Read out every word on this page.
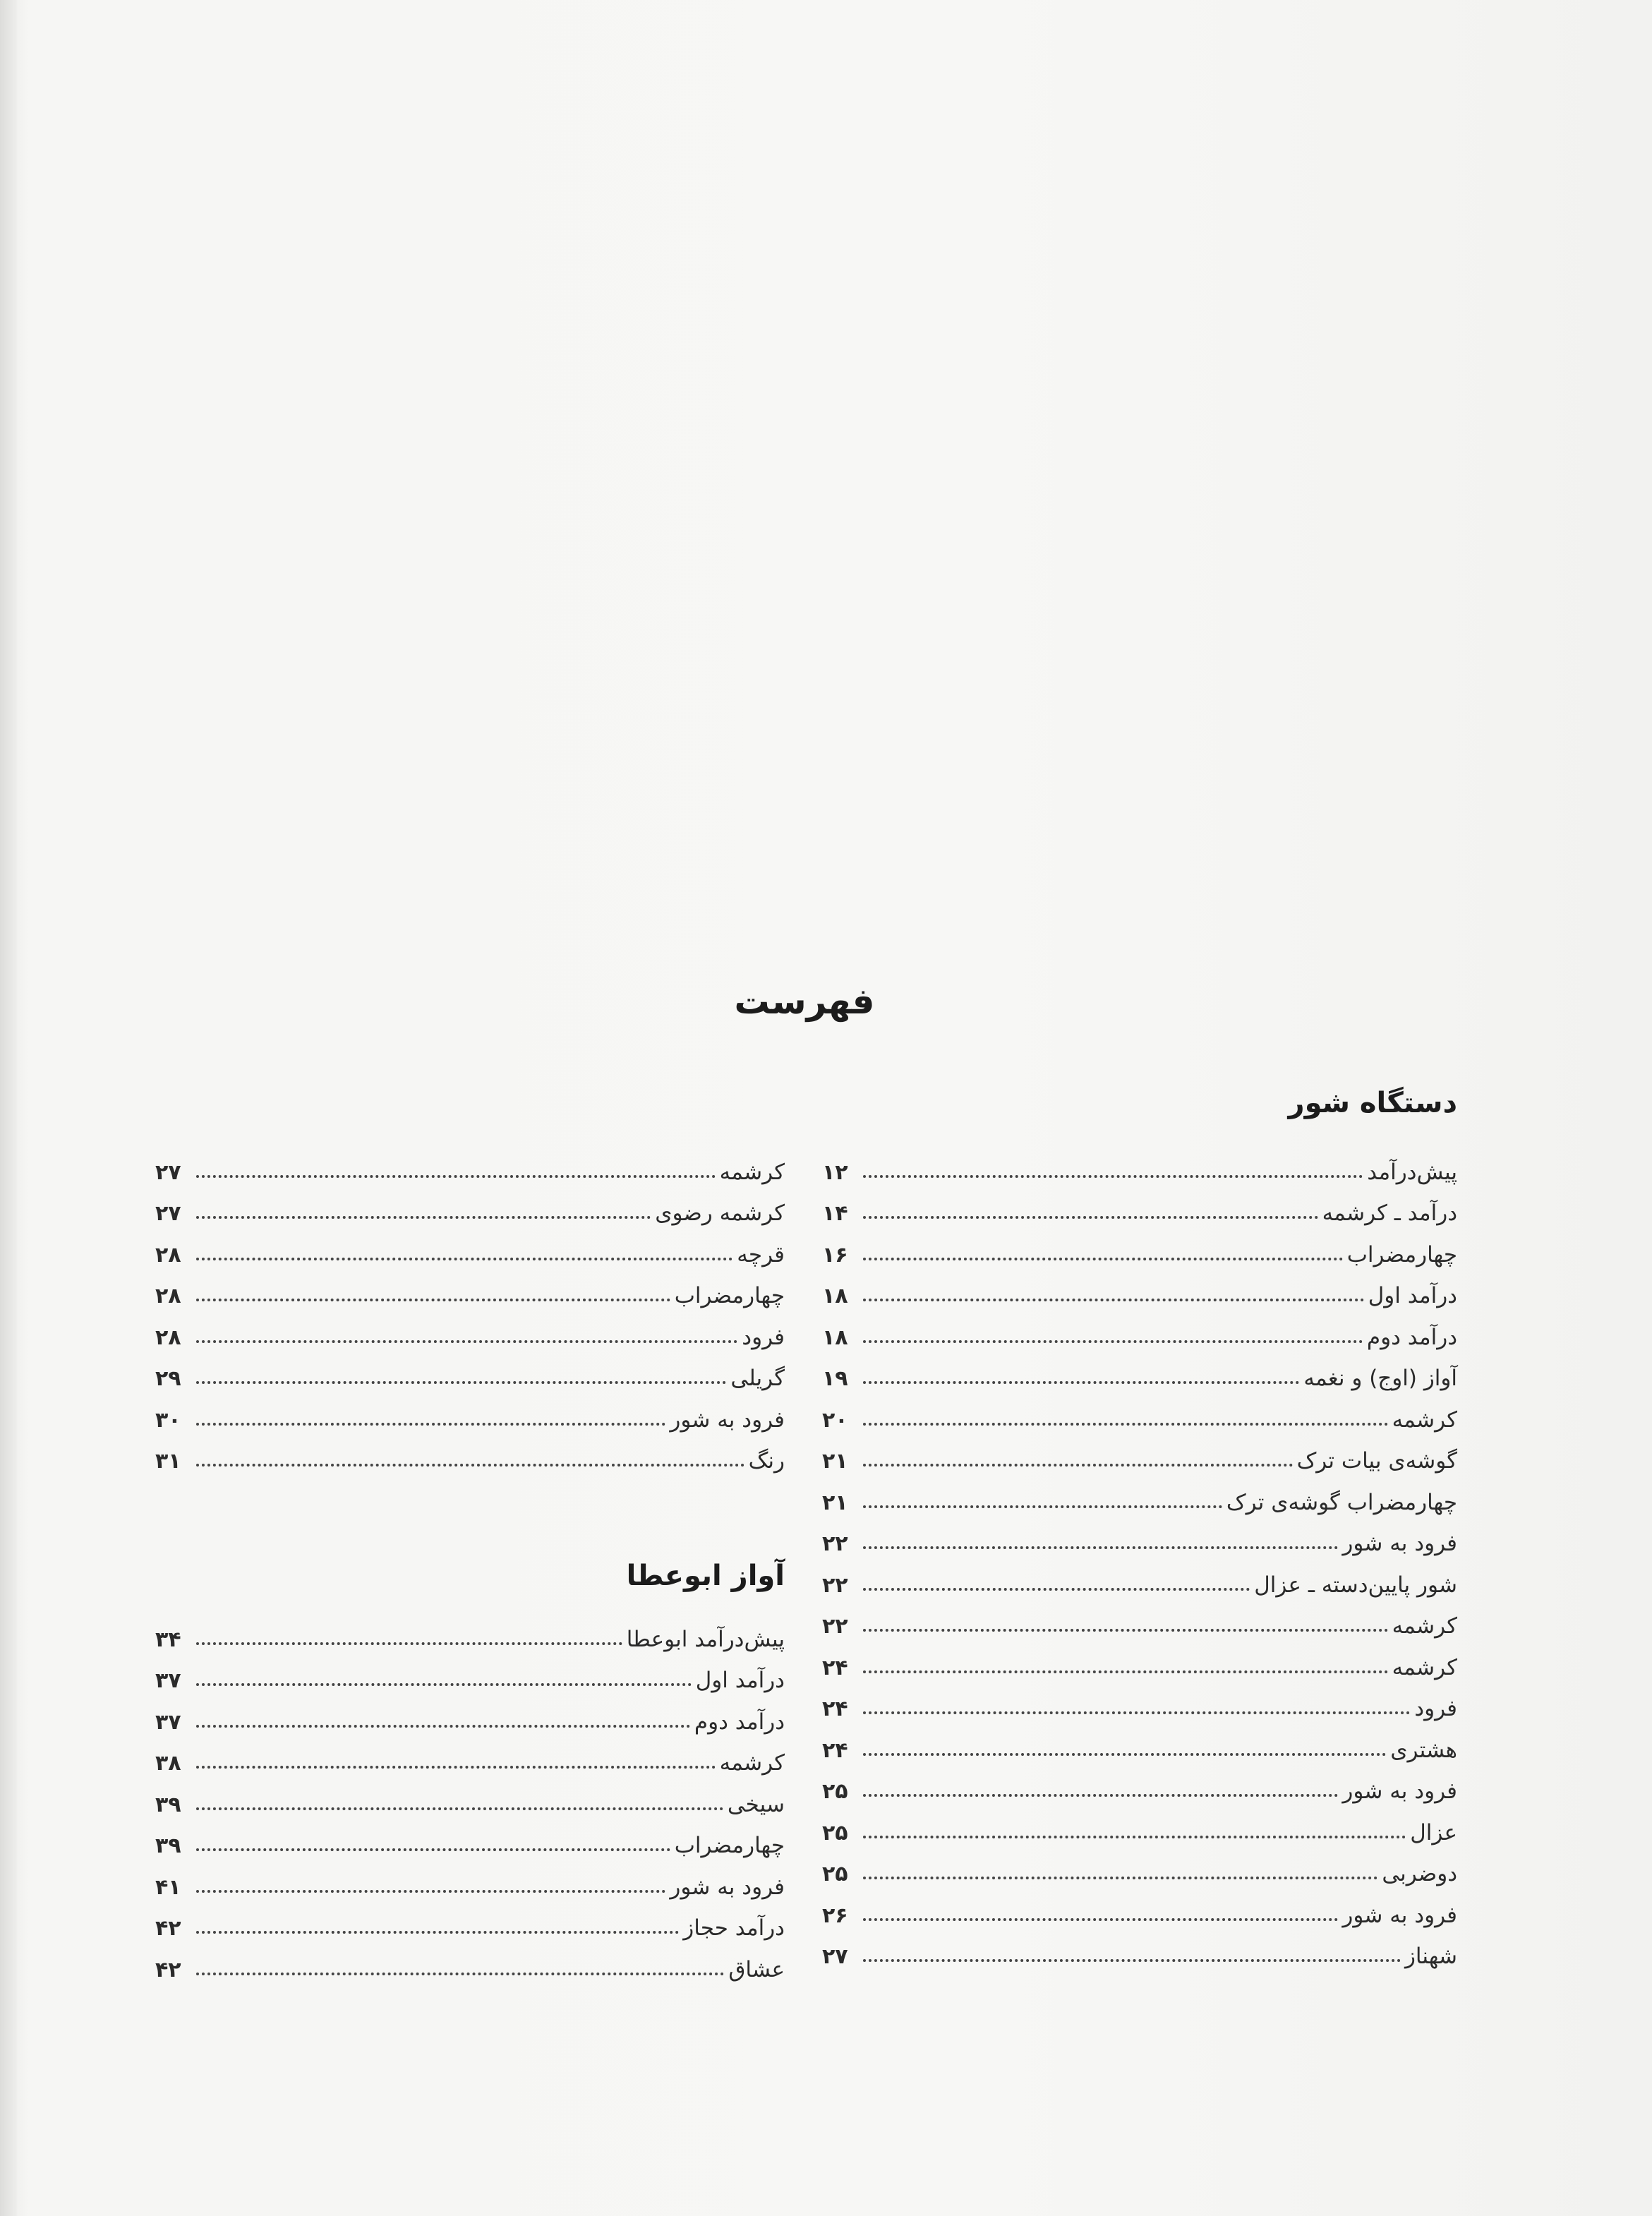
فهرست
دستگاه شور
پیش‌درآمد
۱۲
درآمد ـ کرشمه
۱۴
چهارمضراب
۱۶
درآمد اول
۱۸
درآمد دوم
۱۸
آواز (اوج) و نغمه
۱۹
کرشمه
۲۰
گوشه‌ی بیات ترک
۲۱
چهارمضراب گوشه‌ی ترک
۲۱
فرود به شور
۲۲
شور پایین‌دسته ـ عزال
۲۲
کرشمه
۲۲
کرشمه
۲۴
فرود
۲۴
هشتری
۲۴
فرود به شور
۲۵
عزال
۲۵
دوضربی
۲۵
فرود به شور
۲۶
شهناز
۲۷
کرشمه
۲۷
کرشمه رضوی
۲۷
قرچه
۲۸
چهارمضراب
۲۸
فرود
۲۸
گریلی
۲۹
فرود به شور
۳۰
رنگ
۳۱
آواز ابوعطا
پیش‌درآمد ابوعطا
۳۴
درآمد اول
۳۷
درآمد دوم
۳۷
کرشمه
۳۸
سیخی
۳۹
چهارمضراب
۳۹
فرود به شور
۴۱
درآمد حجاز
۴۲
عشاق
۴۲
